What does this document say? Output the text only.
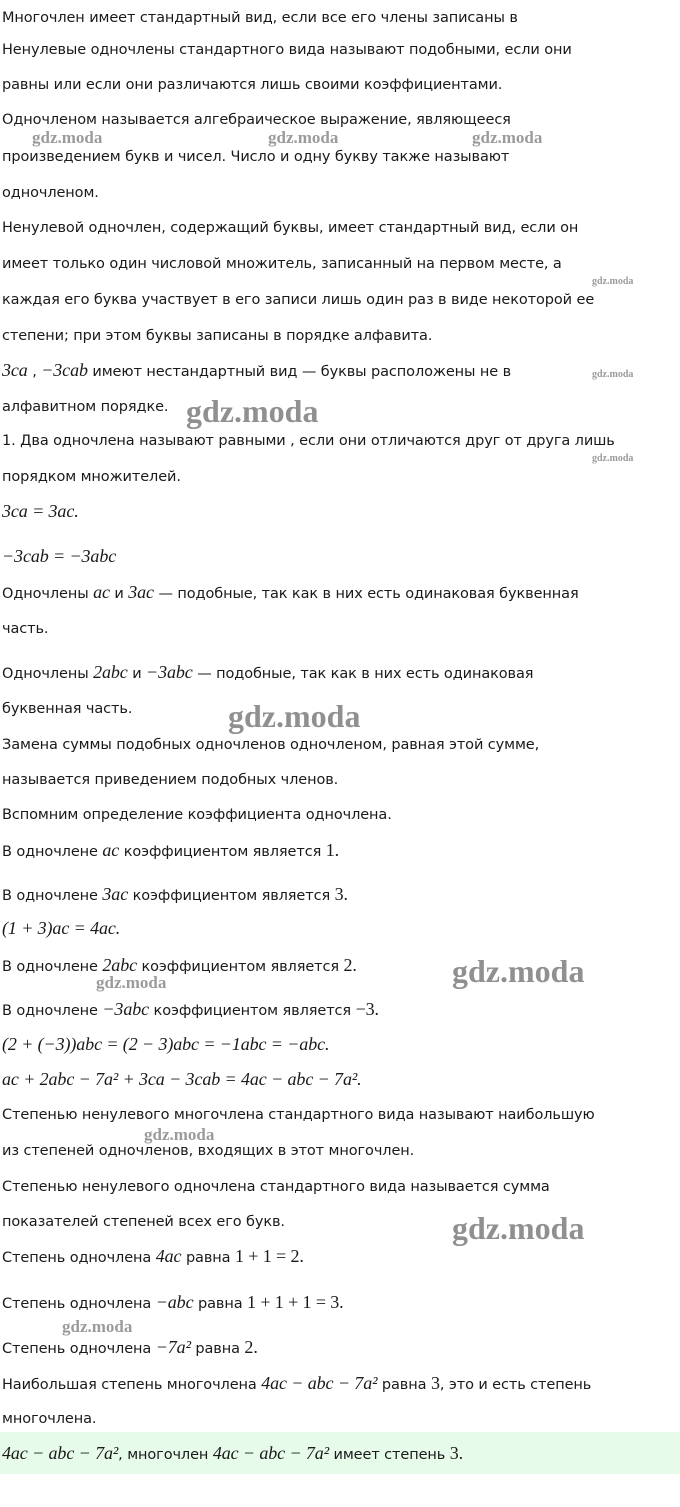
Многочлен имеет стандартный вид, если все его члены записаны в

Ненулевые одночлены стандартного вида называют подобными, если они

равны или если они различаются лишь своими коэффициентами.

Одночленом называется алгебраическое выражение, являющееся

произведением букв и чисел. Число и одну букву также называют

одночленом.

Ненулевой одночлен, содержащий буквы, имеет стандартный вид, если он

имеет только один числовой множитель, записанный на первом месте, а

каждая его буква участвует в его записи лишь один раз в виде некоторой ее

степени; при этом буквы записаны в порядке алфавита.

3ca , −3cab имеют нестандартный вид — буквы расположены не в

алфавитном порядке.

1. Два одночлена называют равными , если они отличаются друг от друга лишь

порядком множителей.

3ca = 3ac.

−3cab = −3abc

Одночлены ac и 3ac — подобные, так как в них есть одинаковая буквенная

часть.

Одночлены 2abc и −3abc — подобные, так как в них есть одинаковая

буквенная часть.

Замена суммы подобных одночленов одночленом, равная этой сумме,

называется приведением подобных членов.

Вспомним определение коэффициента одночлена.

В одночлене ac коэффициентом является 1.

В одночлене 3ac коэффициентом является 3.

(1 + 3)ac = 4ac.

В одночлене 2abc коэффициентом является 2.

В одночлене −3abc коэффициентом является −3.

(2 + (−3))abc = (2 − 3)abc = −1abc = −abc.

ac + 2abc − 7a² + 3ca − 3cab = 4ac − abc − 7a².

Степенью ненулевого многочлена стандартного вида называют наибольшую

из степеней одночленов, входящих в этот многочлен.

Степенью ненулевого одночлена стандартного вида называется сумма

показателей степеней всех его букв.

Степень одночлена 4ac равна 1 + 1 = 2.

Степень одночлена −abc равна 1 + 1 + 1 = 3.

Степень одночлена −7a² равна 2.

Наибольшая степень многочлена 4ac − abc − 7a² равна 3, это и есть степень

многочлена.

4ac − abc − 7a², многочлен 4ac − abc − 7a² имеет степень 3.

gdz.moda	gdz.moda	gdz.moda
gdz.moda
gdz.moda
gdz.moda
gdz.moda
gdz.moda
gdz.moda
gdz.moda
gdz.moda
gdz.moda
gdz.moda
